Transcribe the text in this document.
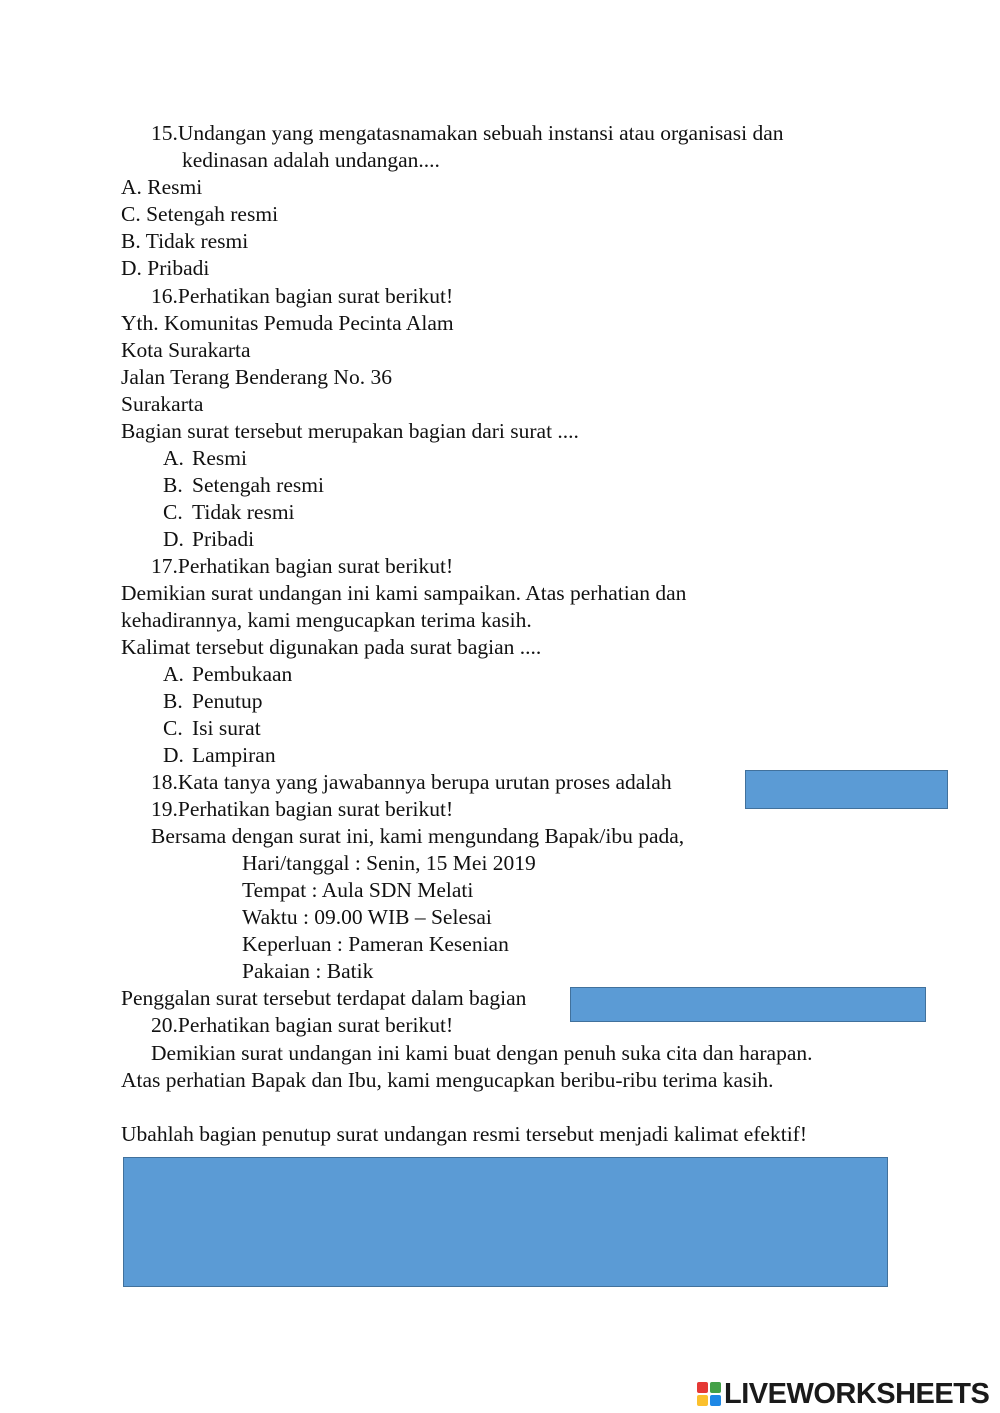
15.Undangan yang mengatasnamakan sebuah instansi atau organisasi dan
kedinasan adalah undangan....
A. Resmi
C. Setengah resmi
B. Tidak resmi
D. Pribadi
16.Perhatikan bagian surat berikut!
Yth. Komunitas Pemuda Pecinta Alam
Kota Surakarta
Jalan Terang Benderang No. 36
Surakarta
Bagian surat tersebut merupakan bagian dari surat ....
A. Resmi
B. Setengah resmi
C. Tidak resmi
D. Pribadi
17.Perhatikan bagian surat berikut!
Demikian surat undangan ini kami sampaikan. Atas perhatian dan
kehadirannya, kami mengucapkan terima kasih.
Kalimat tersebut digunakan pada surat bagian ....
A. Pembukaan
B. Penutup
C. Isi surat
D. Lampiran
18.Kata tanya yang jawabannya berupa urutan proses adalah
19.Perhatikan bagian surat berikut!
Bersama dengan surat ini, kami mengundang Bapak/ibu pada,
Hari/tanggal : Senin, 15 Mei 2019
Tempat : Aula SDN Melati
Waktu : 09.00 WIB – Selesai
Keperluan : Pameran Kesenian
Pakaian : Batik
Penggalan surat tersebut terdapat dalam bagian
20.Perhatikan bagian surat berikut!
Demikian surat undangan ini kami buat dengan penuh suka cita dan harapan.
Atas perhatian Bapak dan Ibu, kami mengucapkan beribu-ribu terima kasih.
Ubahlah bagian penutup surat undangan resmi tersebut menjadi kalimat efektif!
LIVEWORKSHEETS
